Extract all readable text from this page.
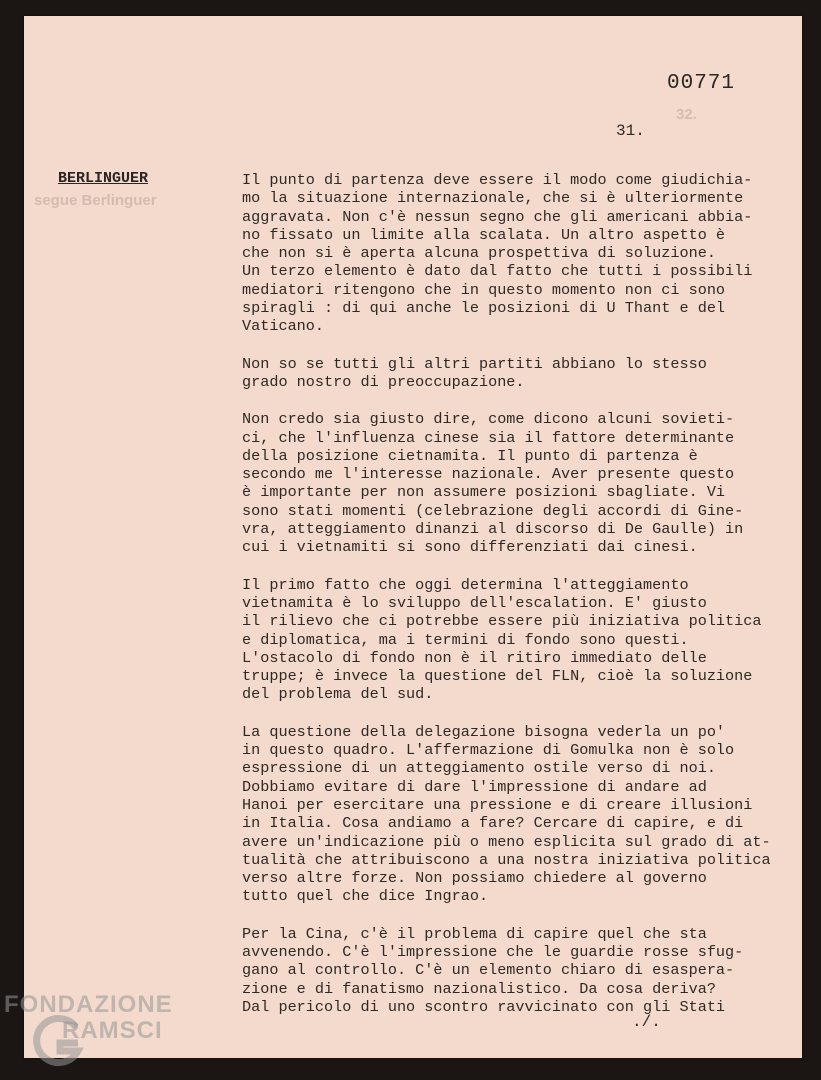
32.
segue Berlinguer
00771
31.
BERLINGUER	Il punto di partenza deve essere il modo come giudichia-
mo la situazione internazionale, che si è ulteriormente
aggravata. Non c'è nessun segno che gli americani abbia-
no fissato un limite alla scalata. Un altro aspetto è
che non si è aperta alcuna prospettiva di soluzione.
Un terzo elemento è dato dal fatto che tutti i possibili
mediatori ritengono che in questo momento non ci sono
spiragli : di qui anche le posizioni di U Thant e del
Vaticano.

Non so se tutti gli altri partiti abbiano lo stesso
grado nostro di preoccupazione.

Non credo sia giusto dire, come dicono alcuni sovieti-
ci, che l'influenza cinese sia il fattore determinante
della posizione cietnamita. Il punto di partenza è
secondo me l'interesse nazionale. Aver presente questo
è importante per non assumere posizioni sbagliate. Vi
sono stati momenti (celebrazione degli accordi di Gine-
vra, atteggiamento dinanzi al discorso di De Gaulle) in
cui i vietnamiti si sono differenziati dai cinesi.

Il primo fatto che oggi determina l'atteggiamento
vietnamita è lo sviluppo dell'escalation. E' giusto
il rilievo che ci potrebbe essere più iniziativa politica
e diplomatica, ma i termini di fondo sono questi.
L'ostacolo di fondo non è il ritiro immediato delle
truppe; è invece la questione del FLN, cioè la soluzione
del problema del sud.

La questione della delegazione bisogna vederla un po'
in questo quadro. L'affermazione di Gomulka non è solo
espressione di un atteggiamento ostile verso di noi.
Dobbiamo evitare di dare l'impressione di andare ad
Hanoi per esercitare una pressione e di creare illusioni
in Italia. Cosa andiamo a fare? Cercare di capire, e di
avere un'indicazione più o meno esplicita sul grado di at-
tualità che attribuiscono a una nostra iniziativa politica
verso altre forze. Non possiamo chiedere al governo
tutto quel che dice Ingrao.

Per la Cina, c'è il problema di capire quel che sta
avvenendo. C'è l'impressione che le guardie rosse sfug-
gano al controllo. C'è un elemento chiaro di esaspera-
zione e di fanatismo nazionalistico. Da cosa deriva?
Dal pericolo di uno scontro ravvicinato con gli Stati

./.
FONDAZIONE
RAMSCI
